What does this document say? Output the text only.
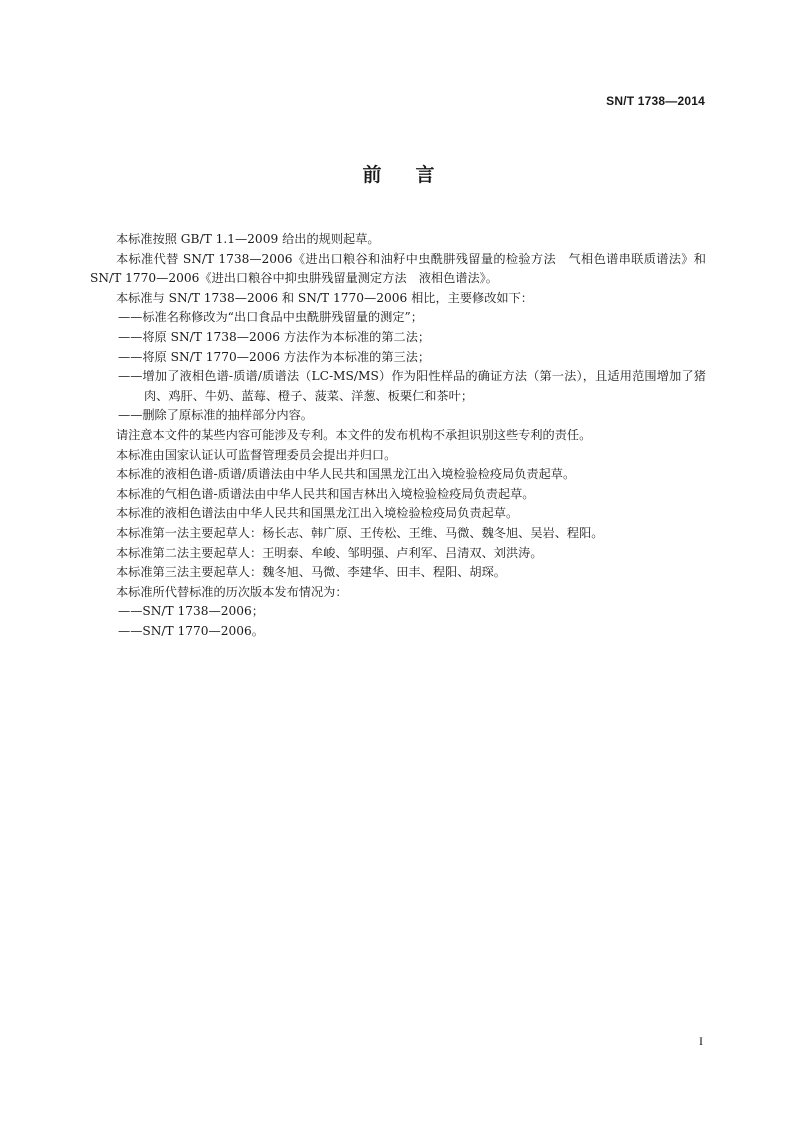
SN/T 1738—2014
前言

本标准按照 GB/T 1.1—2009 给出的规则起草。

本标准代替 SN/T 1738—2006《进出口粮谷和油籽中虫酰肼残留量的检验方法　气相色谱串联质谱法》和 SN/T 1770—2006《进出口粮谷中抑虫肼残留量测定方法　液相色谱法》。

本标准与 SN/T 1738—2006 和 SN/T 1770—2006 相比，主要修改如下：

——标准名称修改为“出口食品中虫酰肼残留量的测定”；

——将原 SN/T 1738—2006 方法作为本标准的第二法；

——将原 SN/T 1770—2006 方法作为本标准的第三法；

——增加了液相色谱-质谱/质谱法（LC-MS/MS）作为阳性样品的确证方法（第一法），且适用范围增加了猪肉、鸡肝、牛奶、蓝莓、橙子、菠菜、洋葱、板栗仁和茶叶；

——删除了原标准的抽样部分内容。

请注意本文件的某些内容可能涉及专利。本文件的发布机构不承担识别这些专利的责任。

本标准由国家认证认可监督管理委员会提出并归口。

本标准的液相色谱-质谱/质谱法由中华人民共和国黑龙江出入境检验检疫局负责起草。

本标准的气相色谱-质谱法由中华人民共和国吉林出入境检验检疫局负责起草。

本标准的液相色谱法由中华人民共和国黑龙江出入境检验检疫局负责起草。

本标准第一法主要起草人：杨长志、韩广原、王传松、王维、马微、魏冬旭、吴岩、程阳。

本标准第二法主要起草人：王明泰、牟峻、邹明强、卢利军、吕清双、刘洪涛。

本标准第三法主要起草人：魏冬旭、马微、李建华、田丰、程阳、胡琛。

本标准所代替标准的历次版本发布情况为：

——SN/T 1738—2006；

——SN/T 1770—2006。

I
